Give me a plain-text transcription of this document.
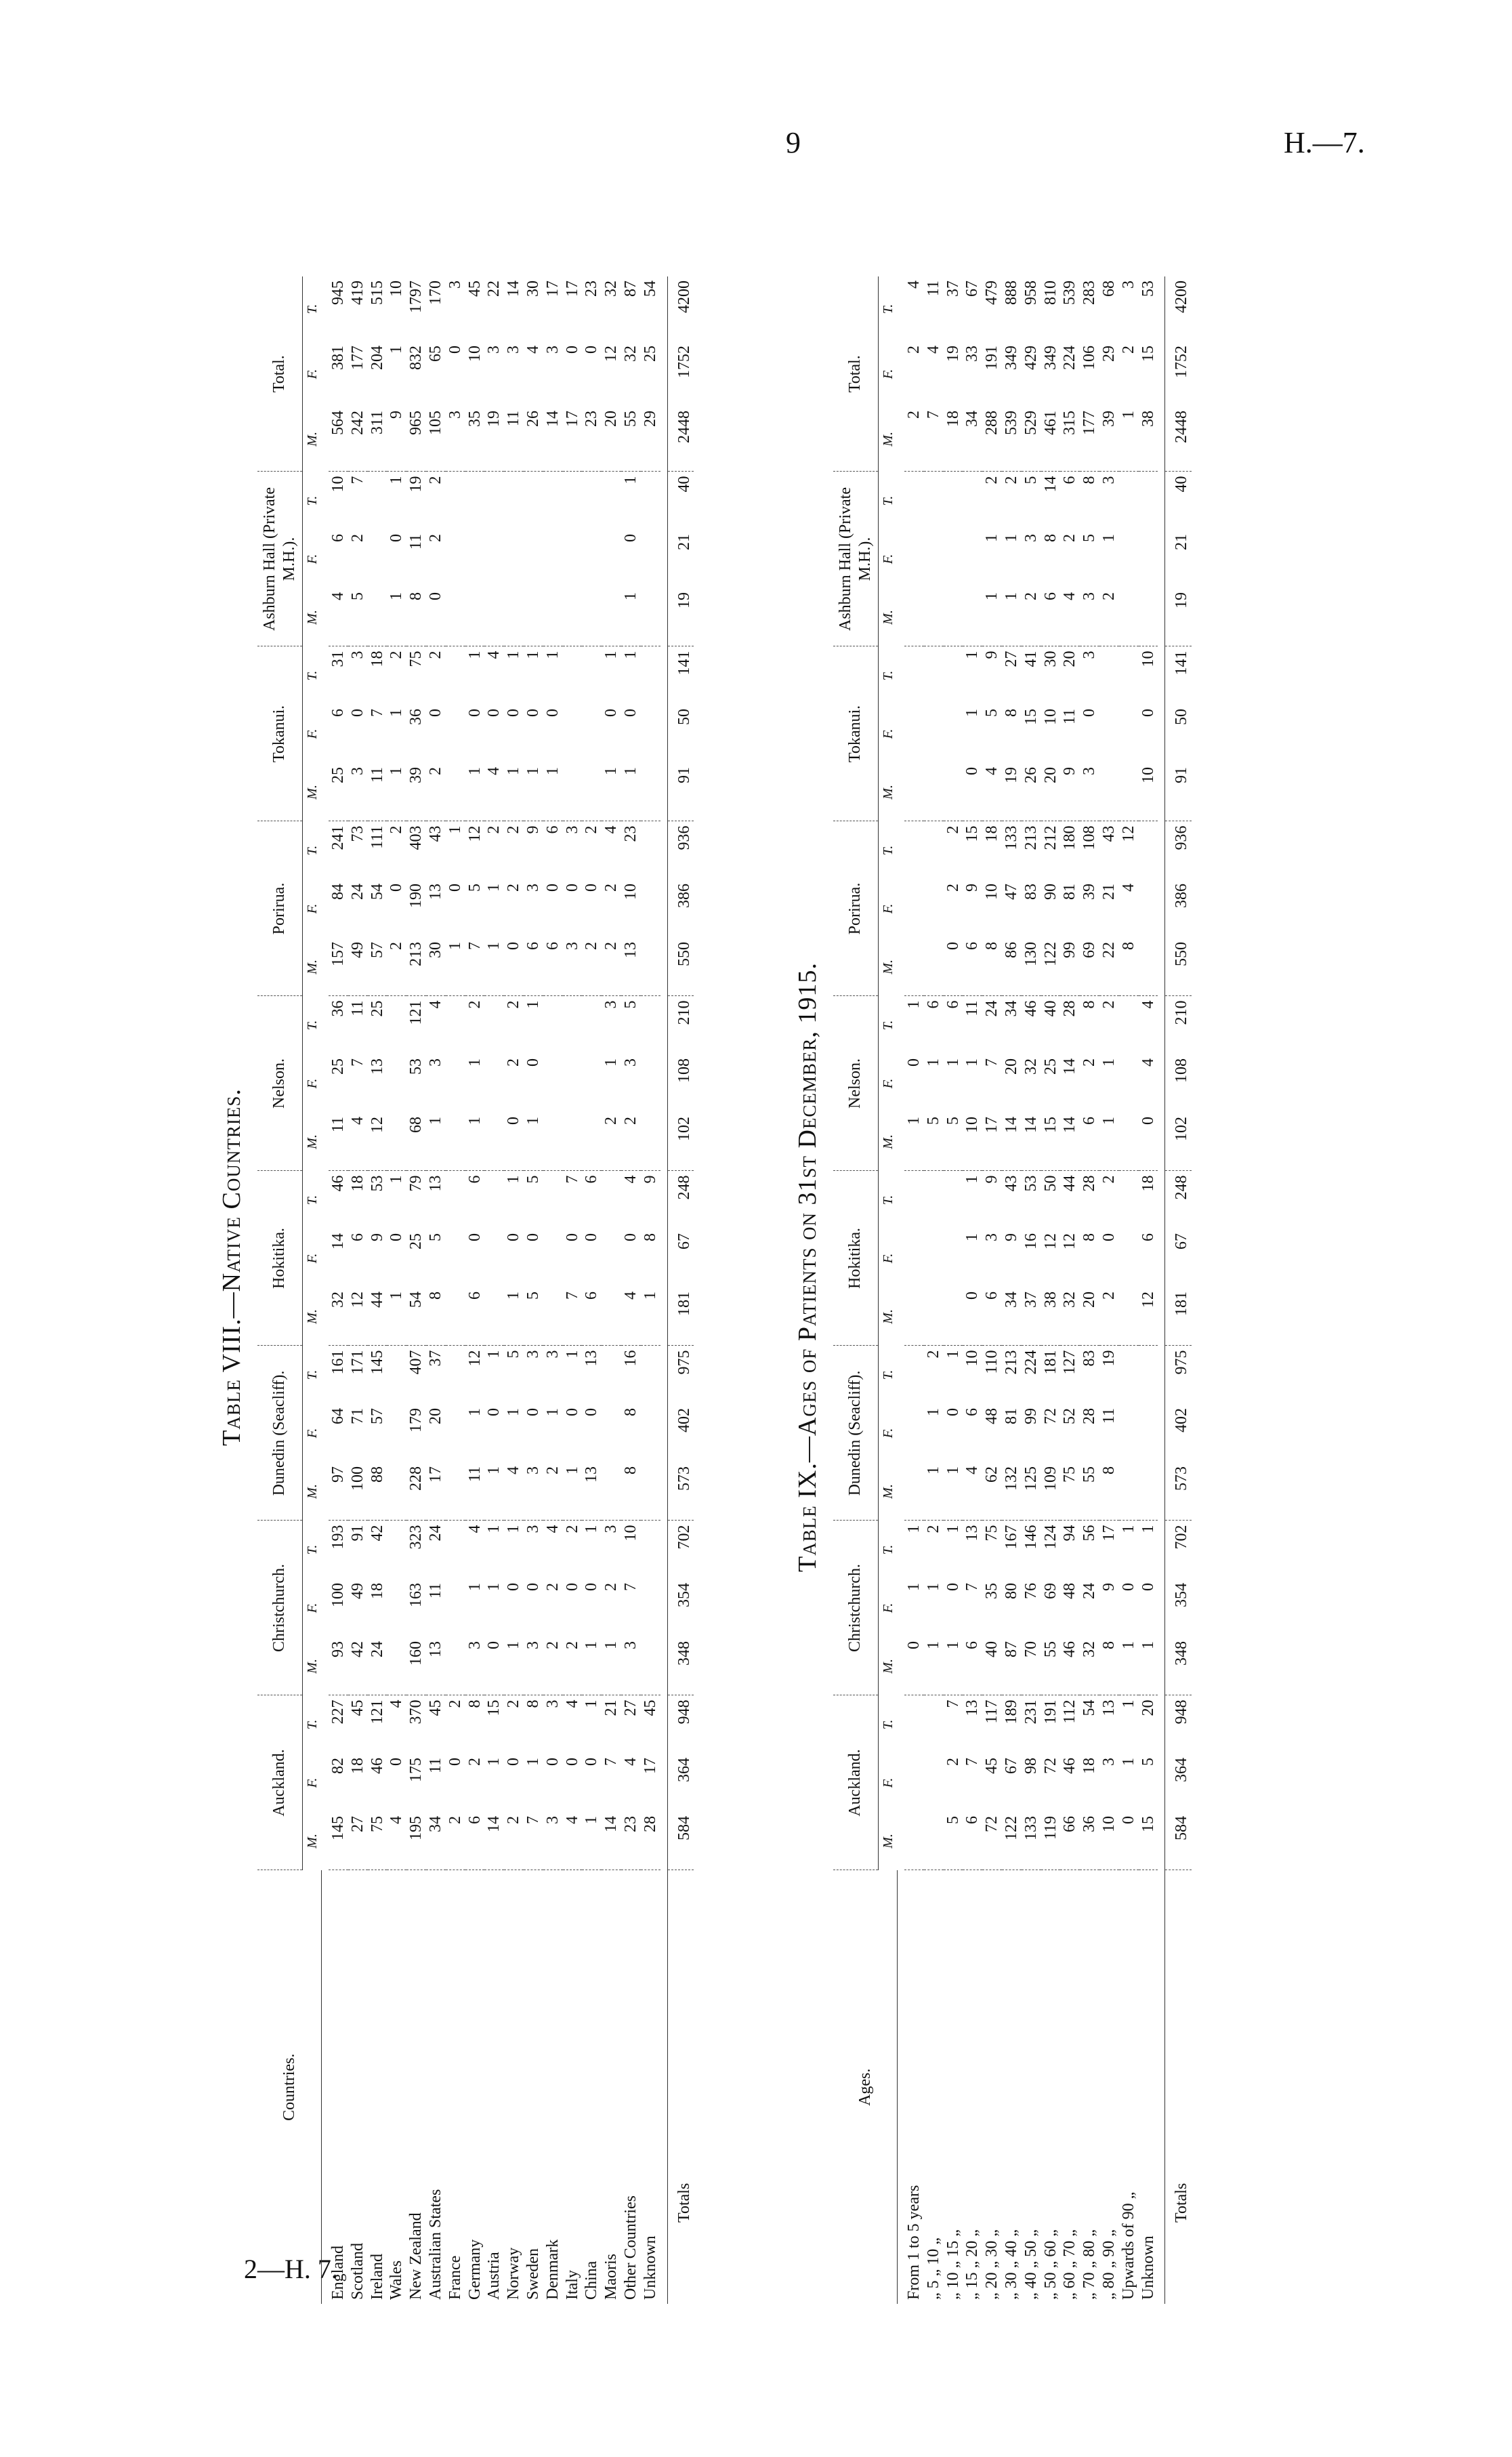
9	H.—7.
2—H. 7.
Table VIII.—Native Countries.
Countries.	Auckland.			Christchurch.			Dunedin (Seacliff).			Hokitika.			Nelson.			Porirua.			Tokanui.			Ashburn Hall (Private M.H.).			Total.		
	M.	F.	T.	M.	F.	T.	M.	F.	T.	M.	F.	T.	M.	F.	T.	M.	F.	T.	M.	F.	T.	M.	F.	T.	M.	F.	T.

England	145	82	227	93	100	193	97	64	161	32	14	46	11	25	36	157	84	241	25	6	31	4	6	10	564	381	945
Scotland	27	18	45	42	49	91	100	71	171	12	6	18	4	7	11	49	24	73	3	0	3	5	2	7	242	177	419
Ireland	75	46	121	24	18	42	88	57	145	44	9	53	12	13	25	57	54	111	11	7	18				311	204	515
Wales	4	0	4							1	0	1				2	0	2	1	1	2	1	0	1	9	1	10
New Zealand	195	175	370	160	163	323	228	179	407	54	25	79	68	53	121	213	190	403	39	36	75	8	11	19	965	832	1797
Australian States	34	11	45	13	11	24	17	20	37	8	5	13	1	3	4	30	13	43	2	0	2	0	2	2	105	65	170
France	2	0	2													1	0	1							3	0	3
Germany	6	2	8	3	1	4	11	1	12	6	0	6	1	1	2	7	5	12	1	0	1				35	10	45
Austria	14	1	15	0	1	1	1	0	1							1	1	2	4	0	4				19	3	22
Norway	2	0	2	1	0	1	4	1	5	1	0	1	0	2	2	0	2	2	1	0	1				11	3	14
Sweden	7	1	8	3	0	3	3	0	3	5	0	5	1	0	1	6	3	9	1	0	1				26	4	30
Denmark	3	0	3	2	2	4	2	1	3							6	0	6	1	0	1				14	3	17
Italy	4	0	4	2	0	2	1	0	1	7	0	7				3	0	3							17	0	17
China	1	0	1	1	0	1	13	0	13	6	0	6				2	0	2							23	0	23
Maoris	14	7	21	1	2	3							2	1	3	2	2	4	1	0	1				20	12	32
Other Countries	23	4	27	3	7	10	8	8	16	4	0	4	2	3	5	13	10	23	1	0	1	1	0	1	55	32	87
Unknown	28	17	45							1	8	9													29	25	54

Totals	584	364	948	348	354	702	573	402	975	181	67	248	102	108	210	550	386	936	91	50	141	19	21	40	2448	1752	4200
Table IX.—Ages of Patients on 31st December, 1915.
Ages.	Auckland.			Christchurch.			Dunedin (Seacliff).			Hokitika.			Nelson.			Porirua.			Tokanui.			Ashburn Hall (Private M.H.).			Total.		
	M.	F.	T.	M.	F.	T.	M.	F.	T.	M.	F.	T.	M.	F.	T.	M.	F.	T.	M.	F.	T.	M.	F.	T.	M.	F.	T.

From 1 to 5 years				0	1	1							1	0	1										2	2	4
„ 5 „ 10 „				1	1	2	1	1	2				5	1	6										7	4	11
„ 10 „ 15 „	5	2	7	1	0	1	1	0	1				5	1	6	0	2	2							18	19	37
„ 15 „ 20 „	6	7	13	6	7	13	4	6	10	0	1	1	10	1	11	6	9	15	0	1	1				34	33	67
„ 20 „ 30 „	72	45	117	40	35	75	62	48	110	6	3	9	17	7	24	8	10	18	4	5	9	1	1	2	288	191	479
„ 30 „ 40 „	122	67	189	87	80	167	132	81	213	34	9	43	14	20	34	86	47	133	19	8	27	1	1	2	539	349	888
„ 40 „ 50 „	133	98	231	70	76	146	125	99	224	37	16	53	14	32	46	130	83	213	26	15	41	2	3	5	529	429	958
„ 50 „ 60 „	119	72	191	55	69	124	109	72	181	38	12	50	15	25	40	122	90	212	20	10	30	6	8	14	461	349	810
„ 60 „ 70 „	66	46	112	46	48	94	75	52	127	32	12	44	14	14	28	99	81	180	9	11	20	4	2	6	315	224	539
„ 70 „ 80 „	36	18	54	32	24	56	55	28	83	20	8	28	6	2	8	69	39	108	3	0	3	3	5	8	177	106	283
„ 80 „ 90 „	10	3	13	8	9	17	8	11	19	2	0	2	1	1	2	22	21	43				2	1	3	39	29	68
Upwards of 90 „	0	1	1	1	0	1										8	4	12							1	2	3
Unknown	15	5	20	1	0	1				12	6	18	0	4	4				10	0	10				38	15	53

Totals	584	364	948	348	354	702	573	402	975	181	67	248	102	108	210	550	386	936	91	50	141	19	21	40	2448	1752	4200
